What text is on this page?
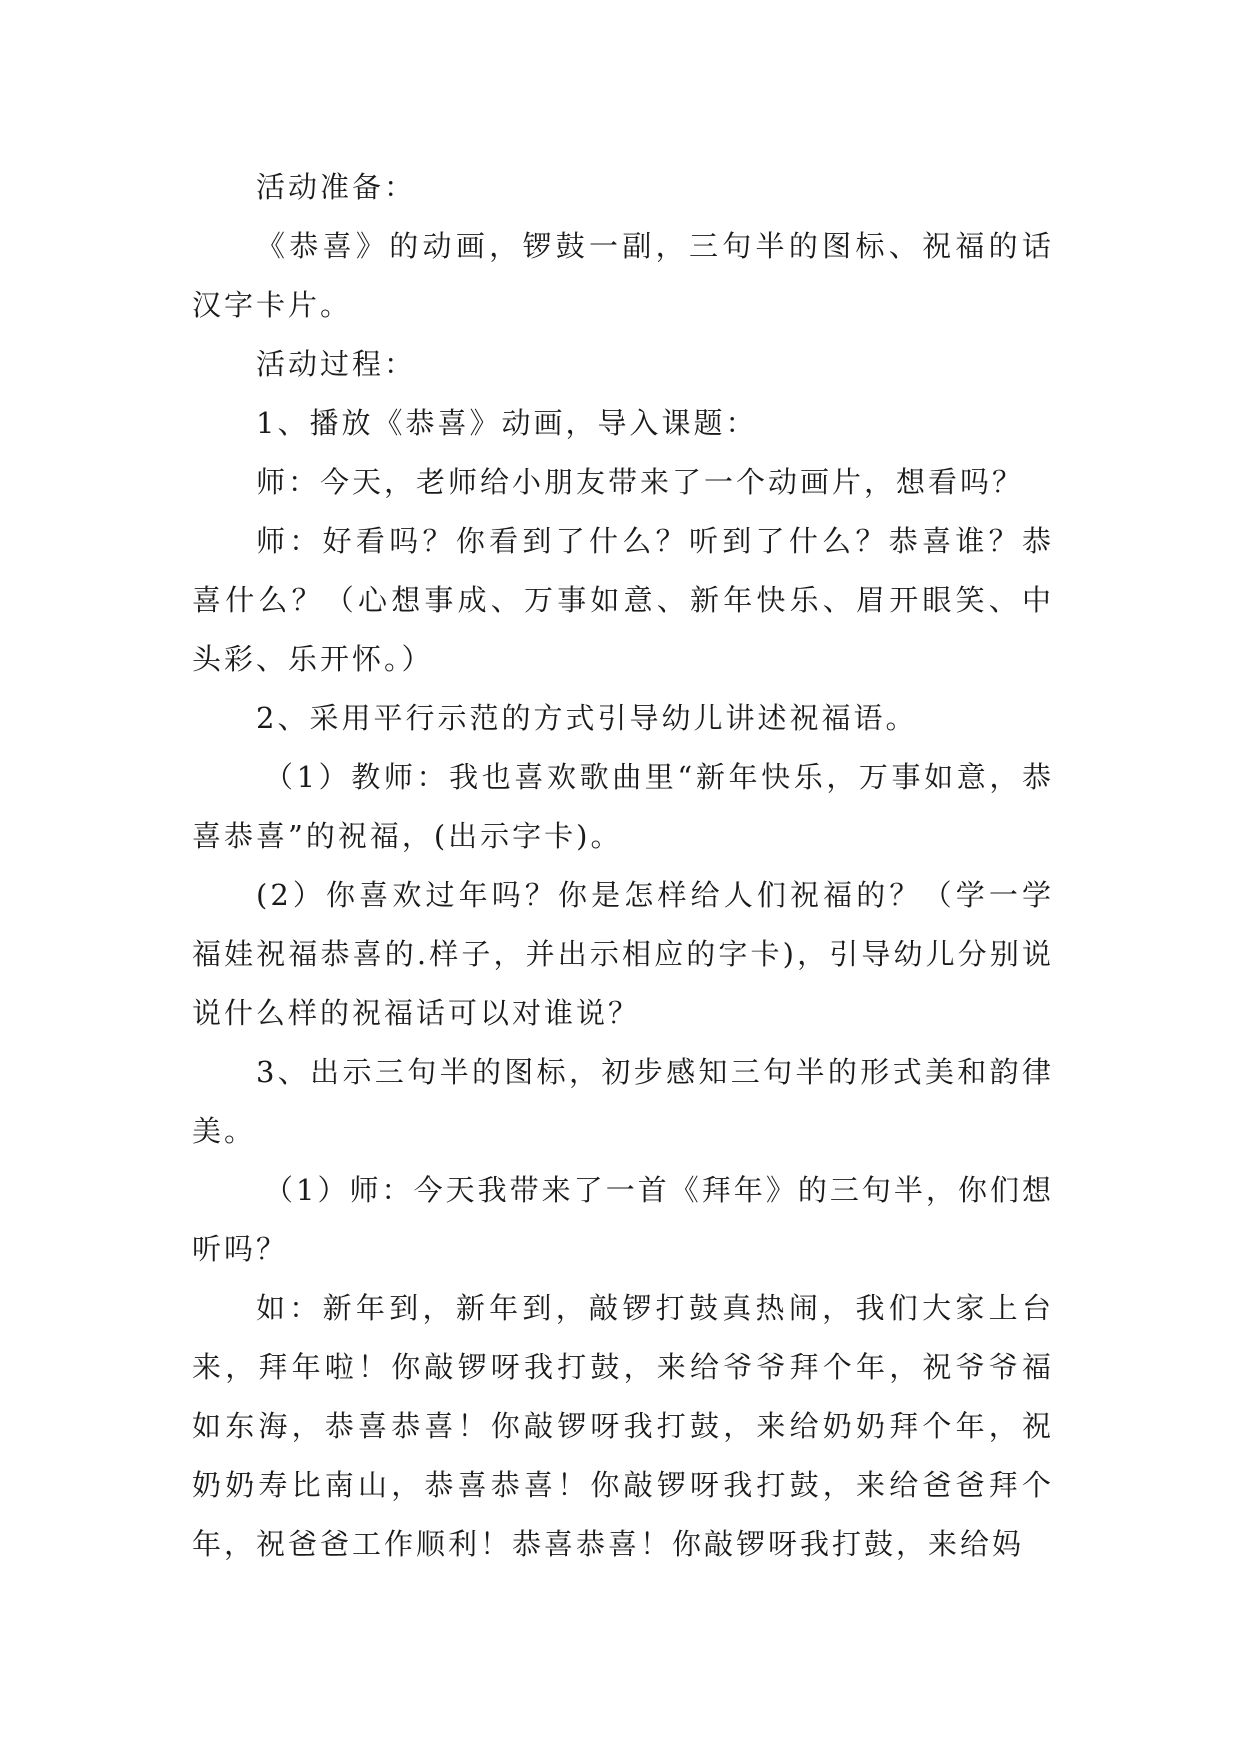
活动准备：

《恭喜》的动画，锣鼓一副，三句半的图标、祝福的话汉字卡片。

活动过程：

1、播放《恭喜》动画，导入课题：

师：今天，老师给小朋友带来了一个动画片，想看吗？

师：好看吗？你看到了什么？听到了什么？恭喜谁？恭喜什么？（心想事成、万事如意、新年快乐、眉开眼笑、中头彩、乐开怀。）

2、采用平行示范的方式引导幼儿讲述祝福语。

（1）教师：我也喜欢歌曲里“新年快乐，万事如意，恭喜恭喜”的祝福，(出示字卡)。

(2）你喜欢过年吗？你是怎样给人们祝福的？（学一学福娃祝福恭喜的.样子，并出示相应的字卡)，引导幼儿分别说说什么样的祝福话可以对谁说？

3、出示三句半的图标，初步感知三句半的形式美和韵律美。

（1）师：今天我带来了一首《拜年》的三句半，你们想听吗？

如：新年到，新年到，敲锣打鼓真热闹，我们大家上台来，拜年啦！你敲锣呀我打鼓，来给爷爷拜个年，祝爷爷福如东海，恭喜恭喜！你敲锣呀我打鼓，来给奶奶拜个年，祝奶奶寿比南山，恭喜恭喜！你敲锣呀我打鼓，来给爸爸拜个年，祝爸爸工作顺利！恭喜恭喜！你敲锣呀我打鼓，来给妈
